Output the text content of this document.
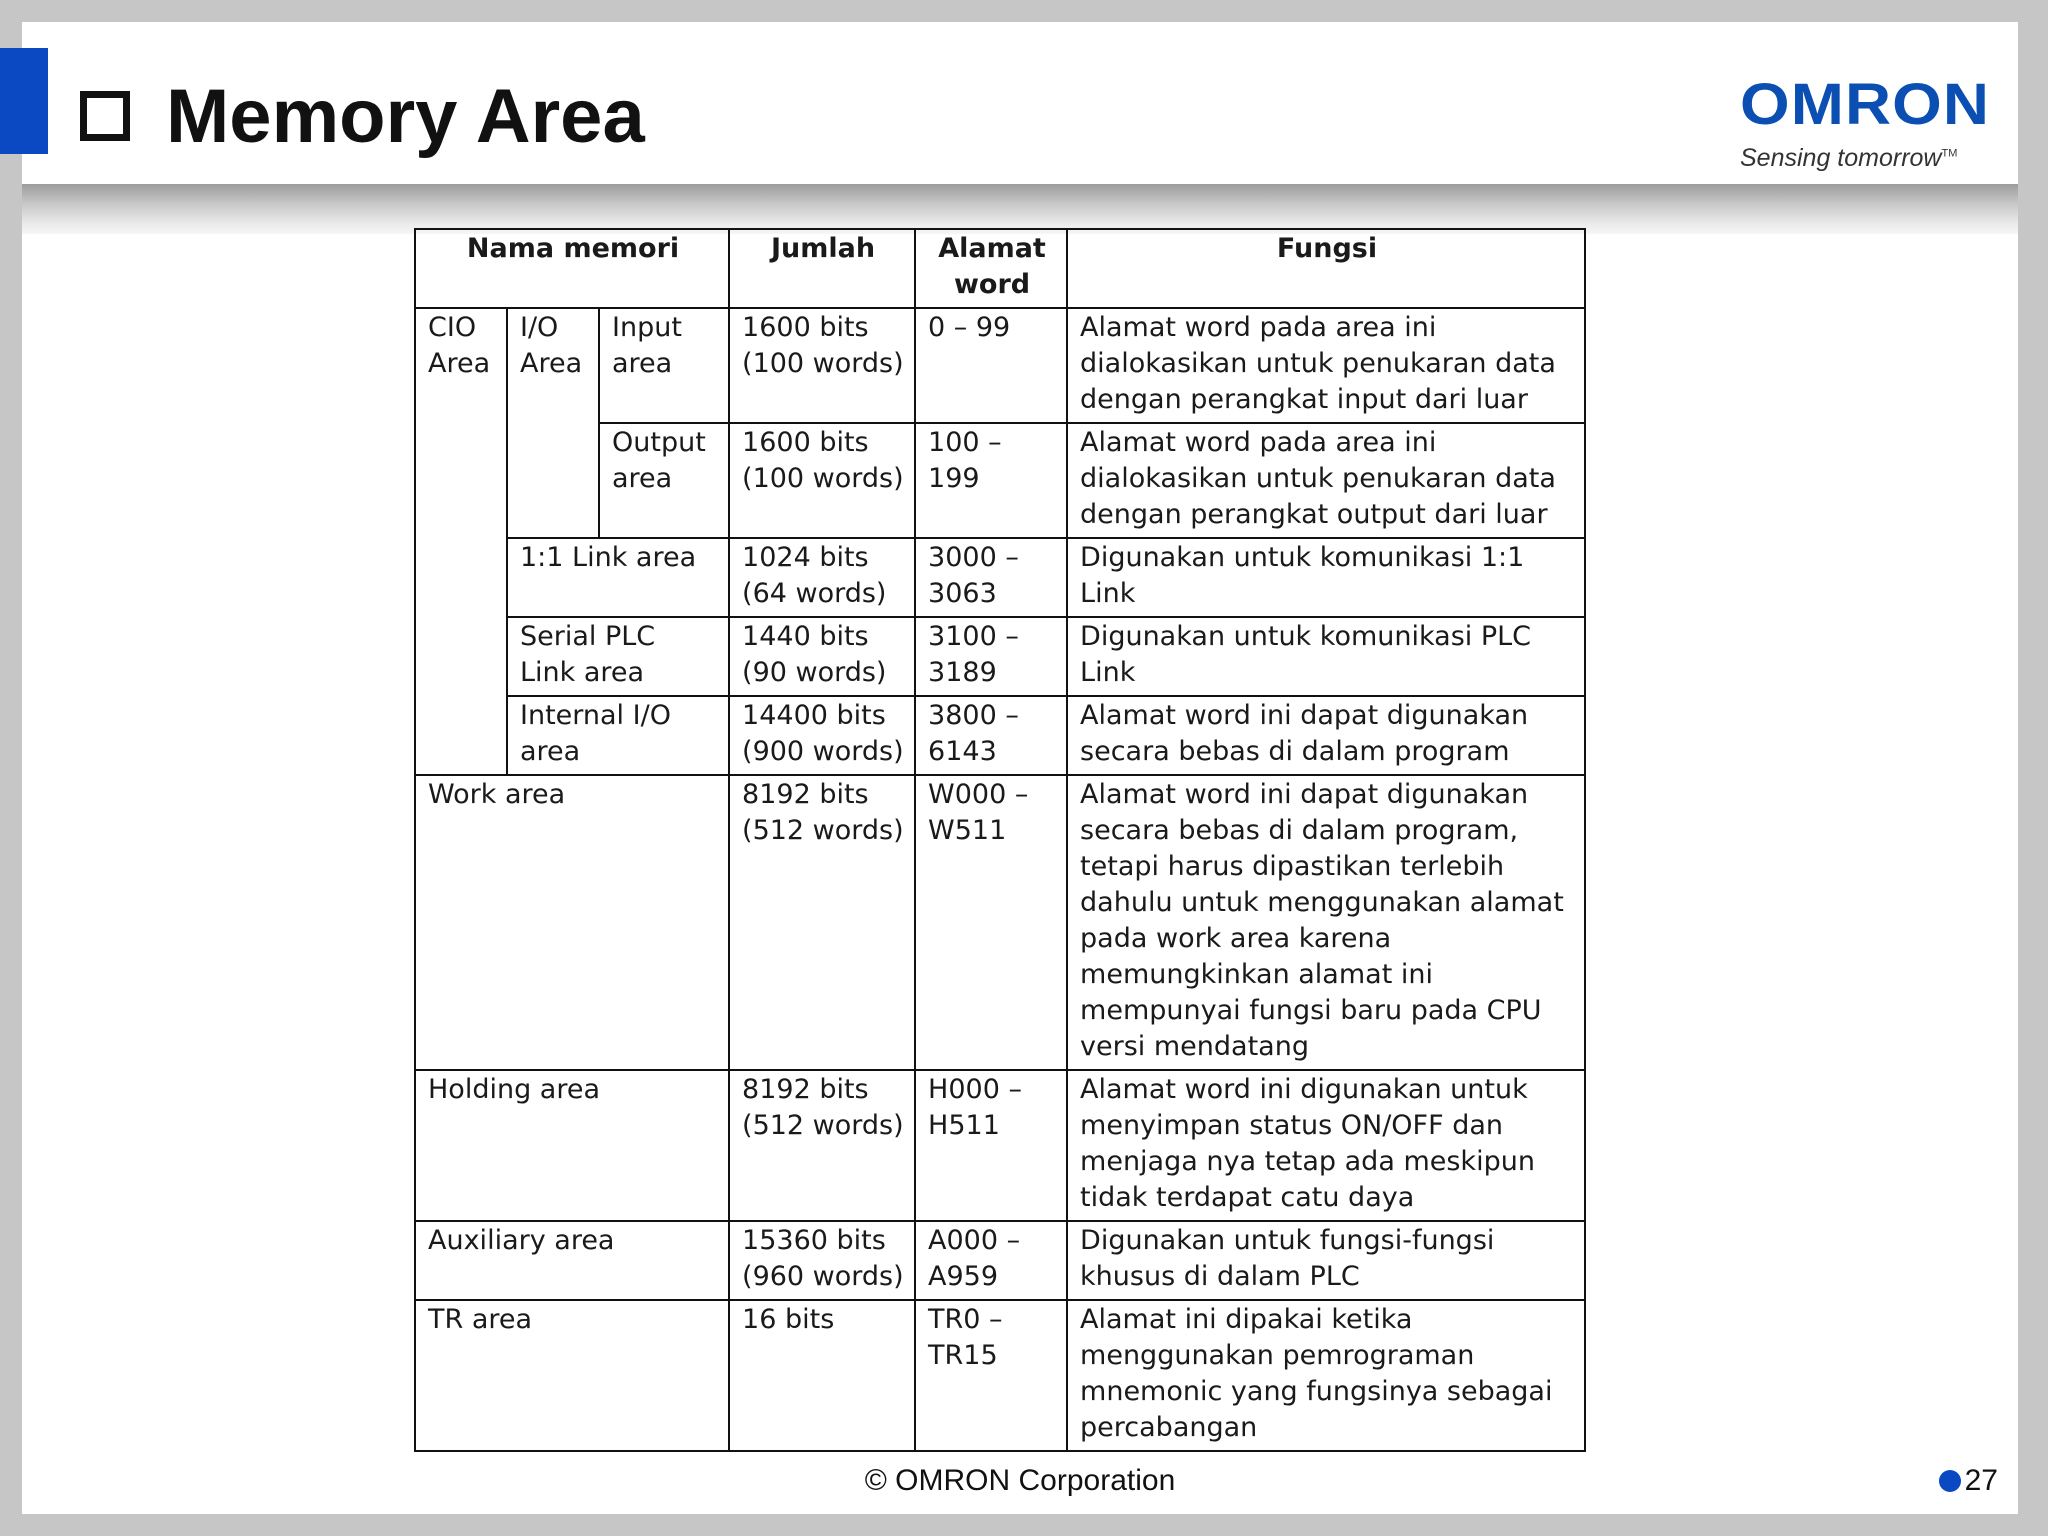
Memory Area	OMRON
Sensing tomorrow™
Nama memori			Jumlah	Alamat word	Fungsi
CIO Area	I/O Area	Input area	1600 bits (100 words)	0 – 99	Alamat word pada area ini dialokasikan untuk penukaran data dengan perangkat input dari luar
		Output area	1600 bits (100 words)	100 – 199	Alamat word pada area ini dialokasikan untuk penukaran data dengan perangkat output dari luar
	1:1 Link area		1024 bits (64 words)	3000 – 3063	Digunakan untuk komunikasi 1:1 Link
	Serial PLC Link area		1440 bits (90 words)	3100 – 3189	Digunakan untuk komunikasi PLC Link
	Internal I/O area		14400 bits (900 words)	3800 – 6143	Alamat word ini dapat digunakan secara bebas di dalam program
Work area			8192 bits (512 words)	W000 – W511	Alamat word ini dapat digunakan secara bebas di dalam program, tetapi harus dipastikan terlebih dahulu untuk menggunakan alamat pada work area karena memungkinkan alamat ini mempunyai fungsi baru pada CPU versi mendatang
Holding area			8192 bits (512 words)	H000 – H511	Alamat word ini digunakan untuk menyimpan status ON/OFF dan menjaga nya tetap ada meskipun tidak terdapat catu daya
Auxiliary area			15360 bits (960 words)	A000 – A959	Digunakan untuk fungsi-fungsi khusus di dalam PLC
TR area			16 bits	TR0 – TR15	Alamat ini dipakai ketika menggunakan pemrograman mnemonic yang fungsinya sebagai percabangan
© OMRON Corporation	27
